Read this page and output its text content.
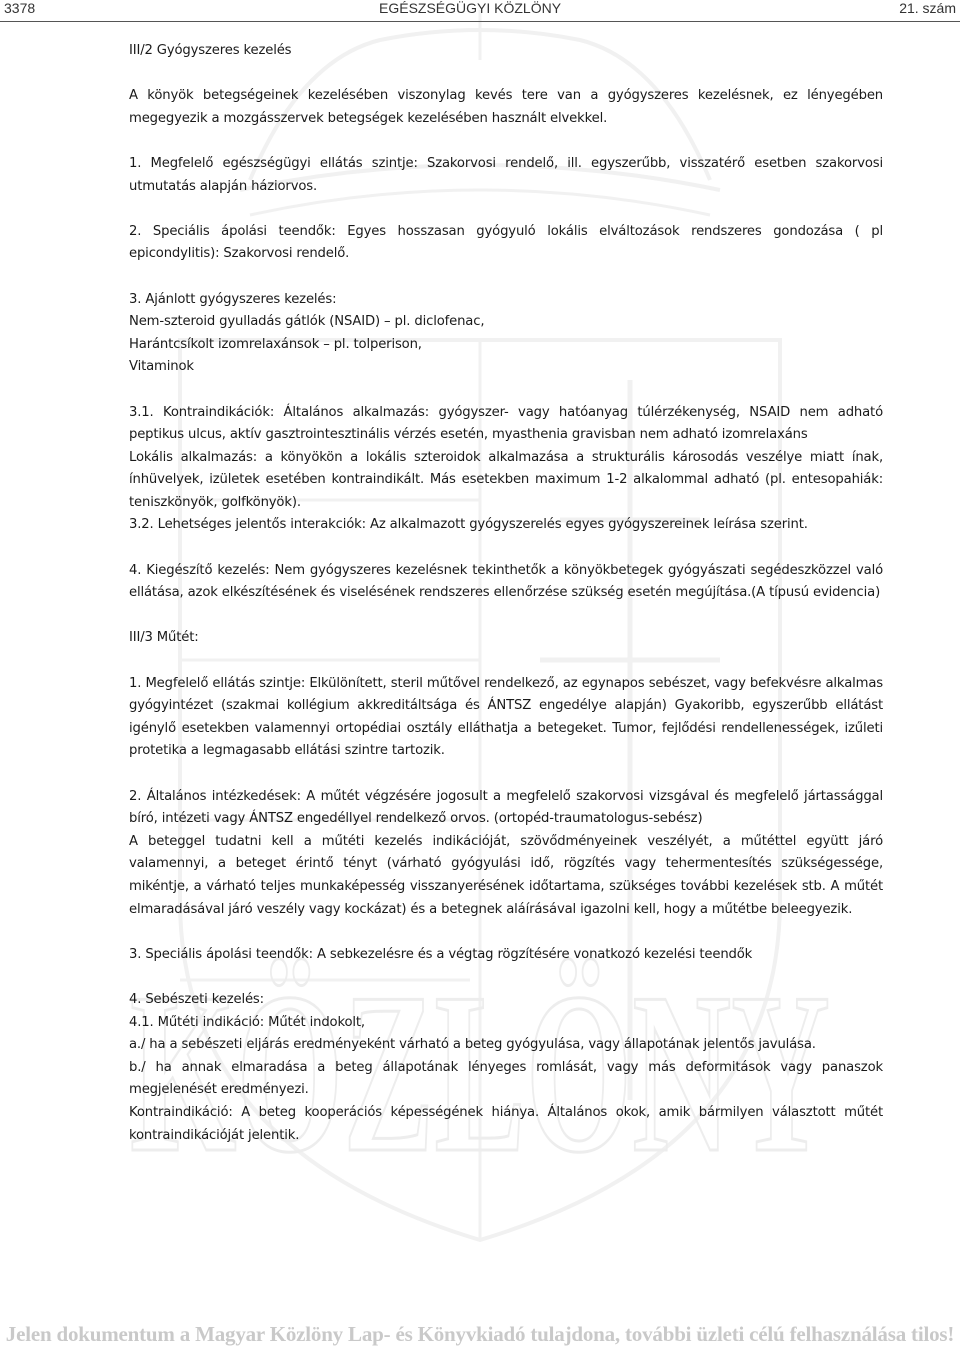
KÖZLÖNY
3378	EGÉSZSÉGÜGYI KÖZLÖNY	21. szám

III/2 Gyógyszeres kezelés

A könyök betegségeinek kezelésében viszonylag kevés tere van a gyógyszeres kezelésnek, ez lényegében megegyezik a mozgásszervek betegségek kezelésében használt elvekkel.

1. Megfelelő egészségügyi ellátás szintje: Szakorvosi rendelő, ill. egyszerűbb, visszatérő esetben szakorvosi utmutatás alapján háziorvos.

2. Speciális ápolási teendők: Egyes hosszasan gyógyuló lokális elváltozások rendszeres gondozása ( pl epicondylitis): Szakorvosi rendelő.

3. Ajánlott gyógyszeres kezelés:
Nem-szteroid gyulladás gátlók (NSAID) – pl. diclofenac,
Harántcsíkolt izomrelaxánsok – pl. tolperison,
Vitaminok

3.1. Kontraindikációk: Általános alkalmazás: gyógyszer- vagy hatóanyag túlérzékenység, NSAID nem adható peptikus ulcus, aktív gasztrointesztinális vérzés esetén, myasthenia gravisban nem adható izomrelaxáns
Lokális alkalmazás: a könyökön a lokális szteroidok alkalmazása a strukturális károsodás veszélye miatt ínak, ínhüvelyek, izületek esetében kontraindikált. Más esetekben maximum 1-2 alkalommal adható (pl. entesopahiák: teniszkönyök, golfkönyök).
3.2. Lehetséges jelentős interakciók: Az alkalmazott gyógyszerelés egyes gyógyszereinek leírása szerint.

4. Kiegészítő kezelés: Nem gyógyszeres kezelésnek tekinthetők a könyökbetegek gyógyászati segédeszközzel való ellátása, azok elkészítésének és viselésének rendszeres ellenőrzése szükség esetén megújítása.(A típusú evidencia)

III/3 Műtét:

1. Megfelelő ellátás szintje: Elkülönített, steril műtővel rendelkező, az egynapos sebészet, vagy befekvésre alkalmas gyógyintézet (szakmai kollégium akkreditáltsága és ÁNTSZ engedélye alapján) Gyakoribb, egyszerűbb ellátást igénylő esetekben valamennyi ortopédiai osztály elláthatja a betegeket. Tumor, fejlődési rendellenességek, izűleti protetika a legmagasabb ellátási szintre tartozik.

2. Általános intézkedések: A műtét végzésére jogosult a megfelelő szakorvosi vizsgával és megfelelő jártassággal bíró, intézeti vagy ÁNTSZ engedéllyel rendelkező orvos. (ortopéd-traumatologus-sebész)
A beteggel tudatni kell a műtéti kezelés indikációját, szövődményeinek veszélyét, a műtéttel együtt járó valamennyi, a beteget érintő tényt (várható gyógyulási idő, rögzítés vagy tehermentesítés szükségessége, mikéntje, a várható teljes munkaképesség visszanyerésének időtartama, szükséges további kezelések stb. A műtét elmaradásával járó veszély vagy kockázat) és a betegnek aláírásával igazolni kell, hogy a műtétbe beleegyezik.

3. Speciális ápolási teendők: A sebkezelésre és a végtag rögzítésére vonatkozó kezelési teendők

4. Sebészeti kezelés:
4.1. Műtéti indikáció: Műtét indokolt,
a./ ha a sebészeti eljárás eredményeként várható a beteg gyógyulása, vagy állapotának jelentős javulása.
b./ ha annak elmaradása a beteg állapotának lényeges romlását, vagy más deformitások vagy panaszok megjelenését eredményezi.
Kontraindikáció: A beteg kooperációs képességének hiánya. Általános okok, amik bármilyen választott műtét kontraindikációját jelentik.

Jelen dokumentum a Magyar Közlöny Lap- és Könyvkiadó tulajdona, további üzleti célú felhasználása tilos!
